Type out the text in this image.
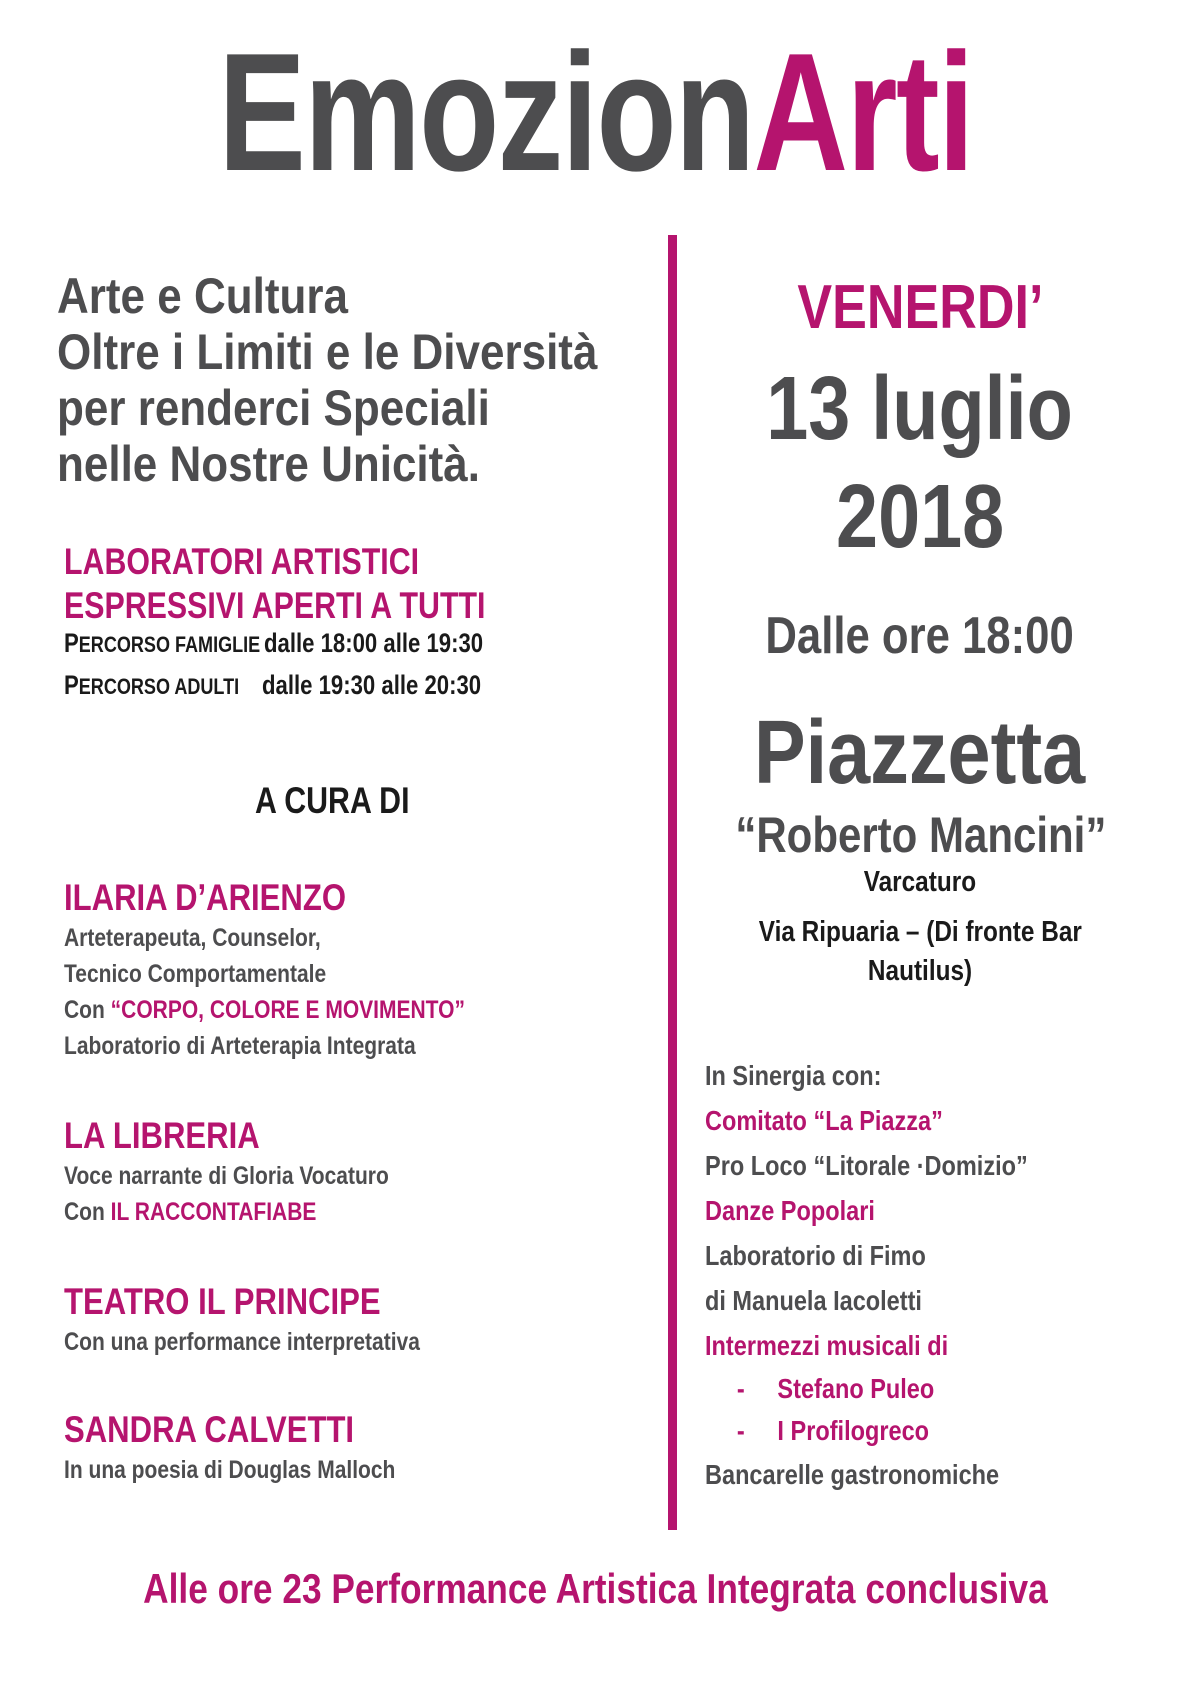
EmozionArti
Arte e Cultura
Oltre i Limiti e le Diversità
per renderci Speciali
nelle Nostre Unicità.
LABORATORI ARTISTICI
ESPRESSIVI APERTI A TUTTI
PERCORSO FAMIGLIE dalle 18:00 alle 19:30
PERCORSO ADULTI dalle 19:30 alle 20:30
A CURA DI
ILARIA D’ARIENZO
Arteterapeuta, Counselor,
Tecnico Comportamentale
Con “CORPO, COLORE E MOVIMENTO”
Laboratorio di Arteterapia Integrata
LA LIBRERIA
Voce narrante di Gloria Vocaturo
Con IL RACCONTAFIABE
TEATRO IL PRINCIPE
Con una performance interpretativa
SANDRA CALVETTI
In una poesia di Douglas Malloch
VENERDI’
13 luglio
2018
Dalle ore 18:00
Piazzetta
“Roberto Mancini”
Varcaturo
Via Ripuaria – (Di fronte Bar
Nautilus)
In Sinergia con:
Comitato “La Piazza”
Pro Loco “Litorale ·Domizio”
Danze Popolari
Laboratorio di Fimo
di Manuela Iacoletti
Intermezzi musicali di
- Stefano Puleo
- I Profilogreco
Bancarelle gastronomiche
Alle ore 23 Performance Artistica Integrata conclusiva
